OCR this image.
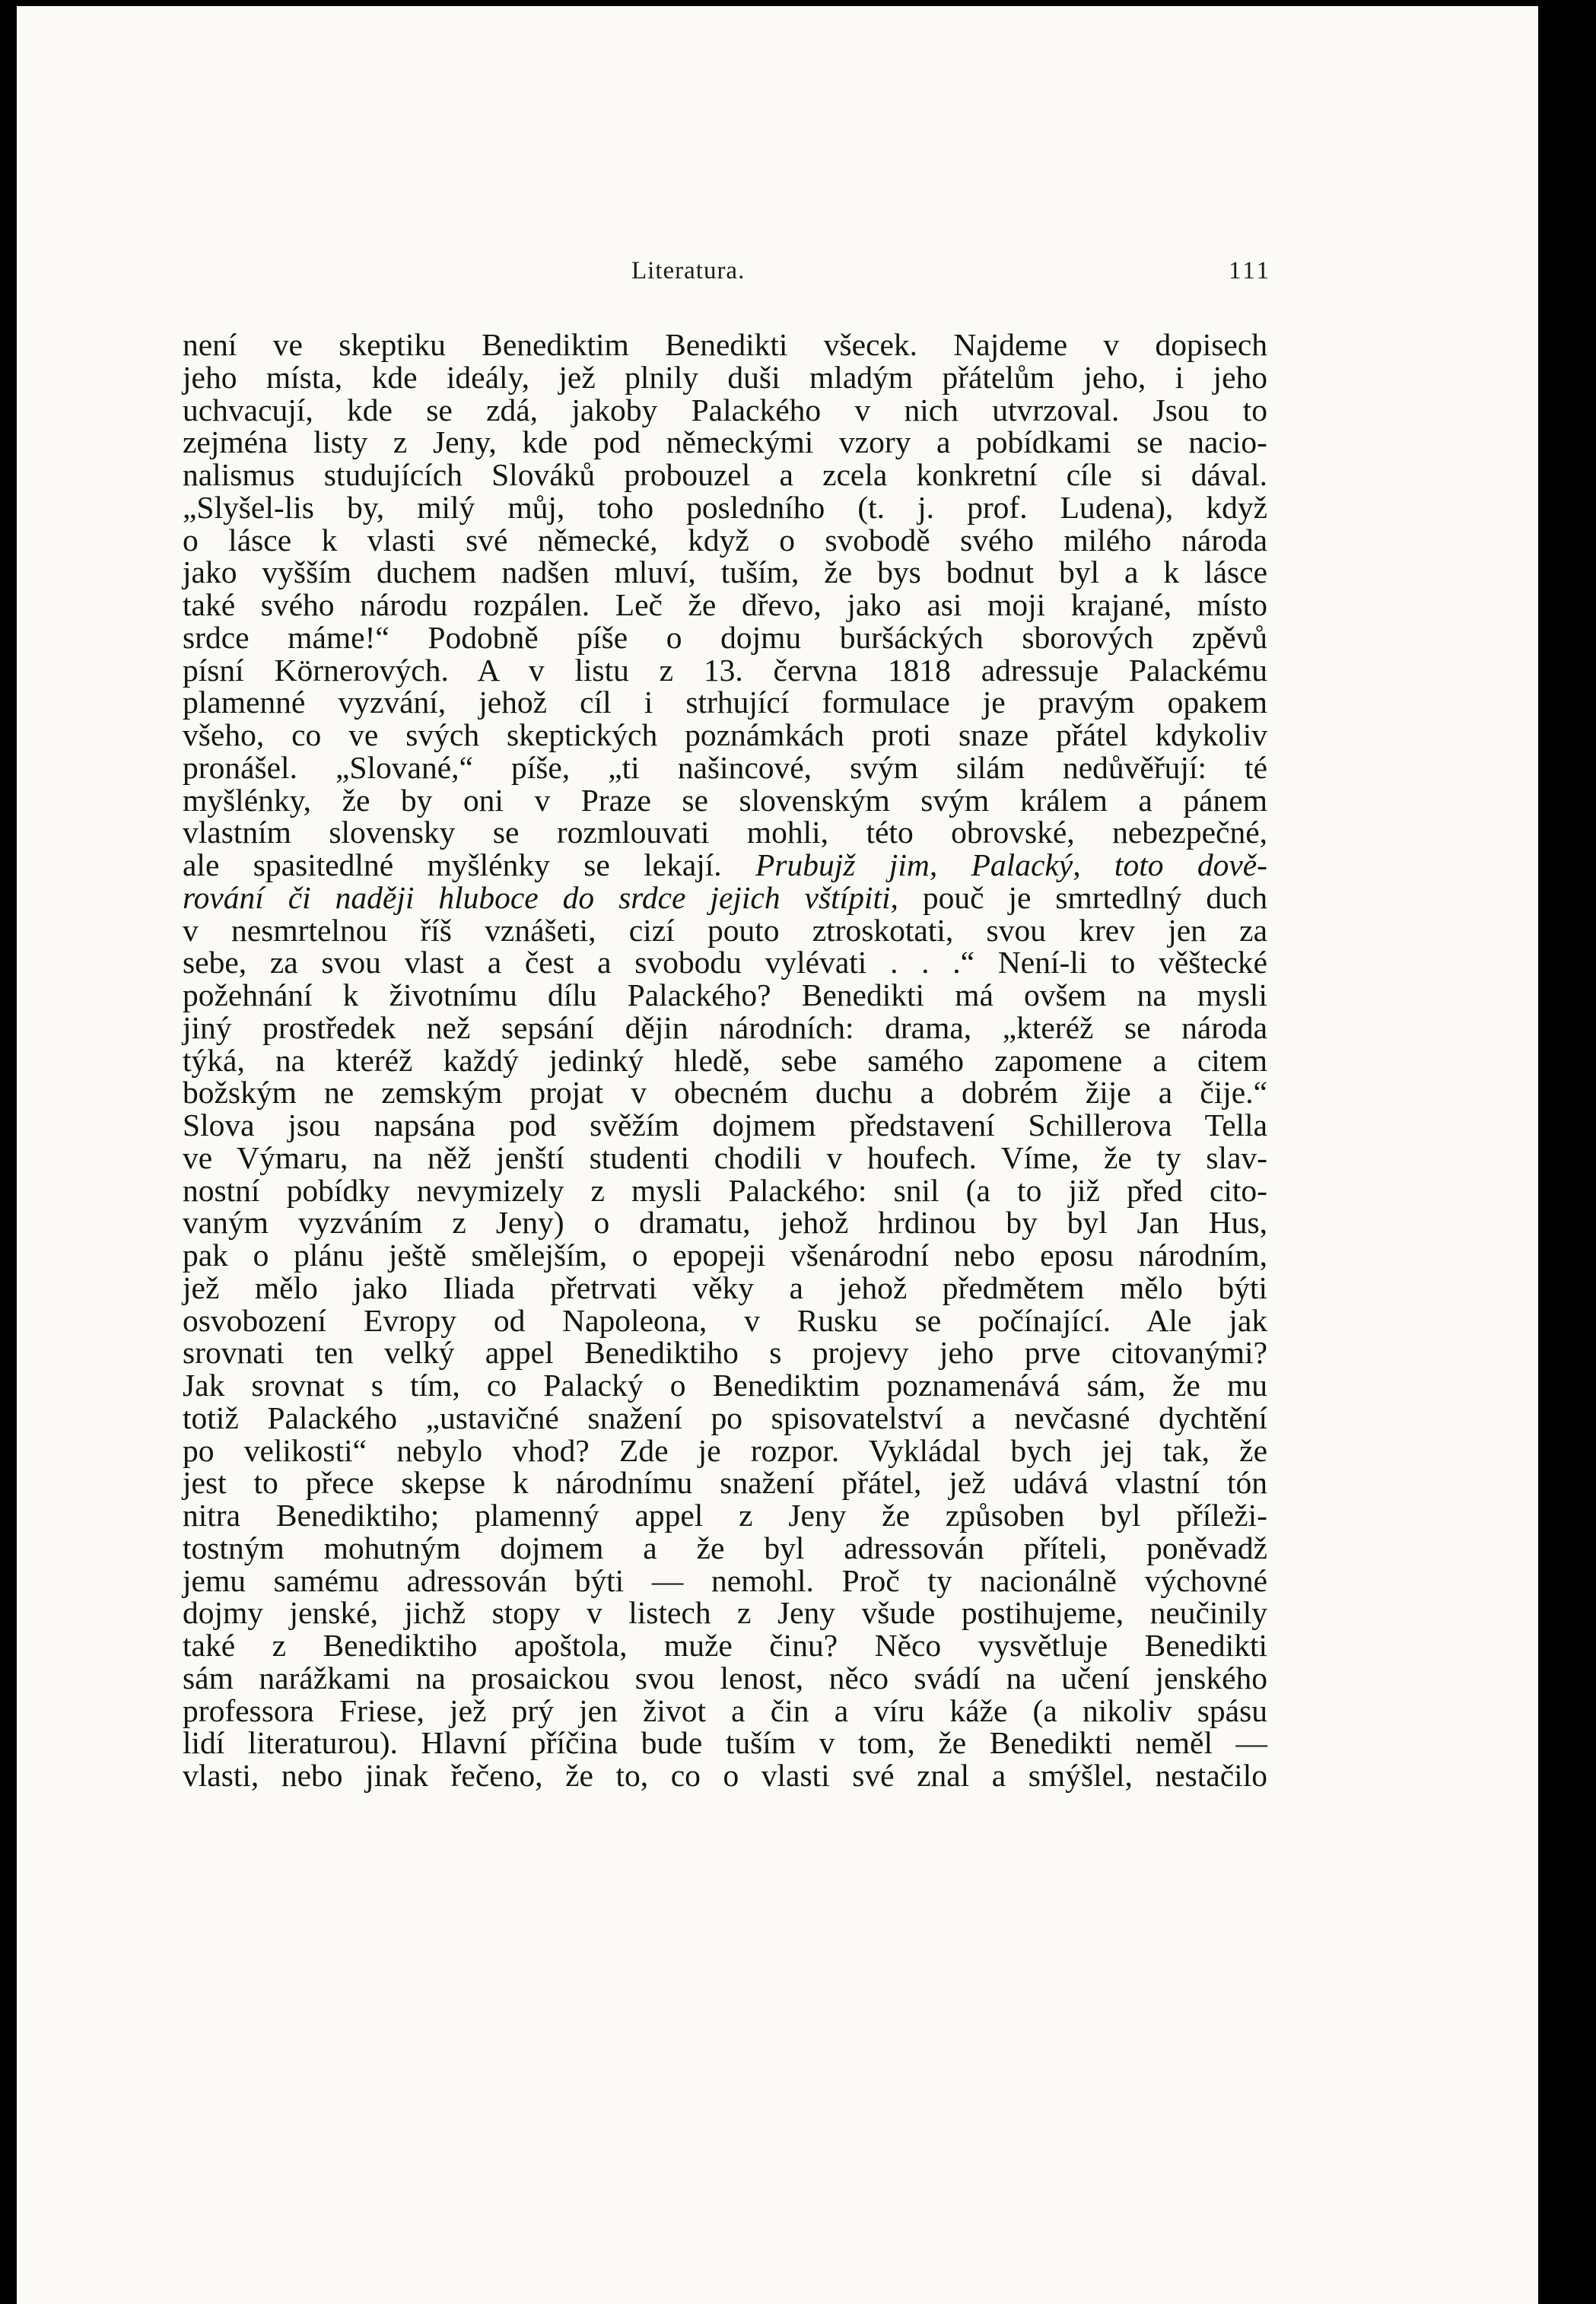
Literatura.	111
není ve skeptiku Benediktim Benedikti všecek. Najdeme v dopisech
jeho místa, kde ideály, jež plnily duši mladým přátelům jeho, i jeho
uchvacují, kde se zdá, jakoby Palackého v nich utvrzoval. Jsou to
zejména listy z Jeny, kde pod německými vzory a pobídkami se nacio-
nalismus studujících Slováků probouzel a zcela konkretní cíle si dával.
„Slyšel-lis by, milý můj, toho posledního (t. j. prof. Ludena), když
o lásce k vlasti své německé, když o svobodě svého milého národa
jako vyšším duchem nadšen mluví, tuším, že bys bodnut byl a k lásce
také svého národu rozpálen. Leč že dřevo, jako asi moji krajané, místo
srdce máme!“ Podobně píše o dojmu buršáckých sborových zpěvů
písní Körnerových. A v listu z 13. června 1818 adressuje Palackému
plamenné vyzvání, jehož cíl i strhující formulace je pravým opakem
všeho, co ve svých skeptických poznámkách proti snaze přátel kdykoliv
pronášel. „Slované,“ píše, „ti našincové, svým silám nedůvěřují: té
myšlénky, že by oni v Praze se slovenským svým králem a pánem
vlastním slovensky se rozmlouvati mohli, této obrovské, nebezpečné,
ale spasitedlné myšlénky se lekají. Prubujž jim, Palacký, toto dově-
rování či naději hluboce do srdce jejich vštípiti, pouč je smrtedlný duch
v nesmrtelnou říš vznášeti, cizí pouto ztroskotati, svou krev jen za
sebe, za svou vlast a čest a svobodu vylévati . . .“ Není-li to věštecké
požehnání k životnímu dílu Palackého? Benedikti má ovšem na mysli
jiný prostředek než sepsání dějin národních: drama, „kteréž se národa
týká, na kteréž každý jedinký hledě, sebe samého zapomene a citem
božským ne zemským projat v obecném duchu a dobrém žije a čije.“
Slova jsou napsána pod svěžím dojmem představení Schillerova Tella
ve Výmaru, na něž jenští studenti chodili v houfech. Víme, že ty slav-
nostní pobídky nevymizely z mysli Palackého: snil (a to již před cito-
vaným vyzváním z Jeny) o dramatu, jehož hrdinou by byl Jan Hus,
pak o plánu ještě smělejším, o epopeji všenárodní nebo eposu národním,
jež mělo jako Iliada přetrvati věky a jehož předmětem mělo býti
osvobození Evropy od Napoleona, v Rusku se počínající. Ale jak
srovnati ten velký appel Benediktiho s projevy jeho prve citovanými?
Jak srovnat s tím, co Palacký o Benediktim poznamenává sám, že mu
totiž Palackého „ustavičné snažení po spisovatelství a nevčasné dychtění
po velikosti“ nebylo vhod? Zde je rozpor. Vykládal bych jej tak, že
jest to přece skepse k národnímu snažení přátel, jež udává vlastní tón
nitra Benediktiho; plamenný appel z Jeny že způsoben byl příleži-
tostným mohutným dojmem a že byl adressován příteli, poněvadž
jemu samému adressován býti — nemohl. Proč ty nacionálně výchovné
dojmy jenské, jichž stopy v listech z Jeny všude postihujeme, neučinily
také z Benediktiho apoštola, muže činu? Něco vysvětluje Benedikti
sám narážkami na prosaickou svou lenost, něco svádí na učení jenského
professora Friese, jež prý jen život a čin a víru káže (a nikoliv spásu
lidí literaturou). Hlavní příčina bude tuším v tom, že Benedikti neměl —
vlasti, nebo jinak řečeno, že to, co o vlasti své znal a smýšlel, nestačilo
